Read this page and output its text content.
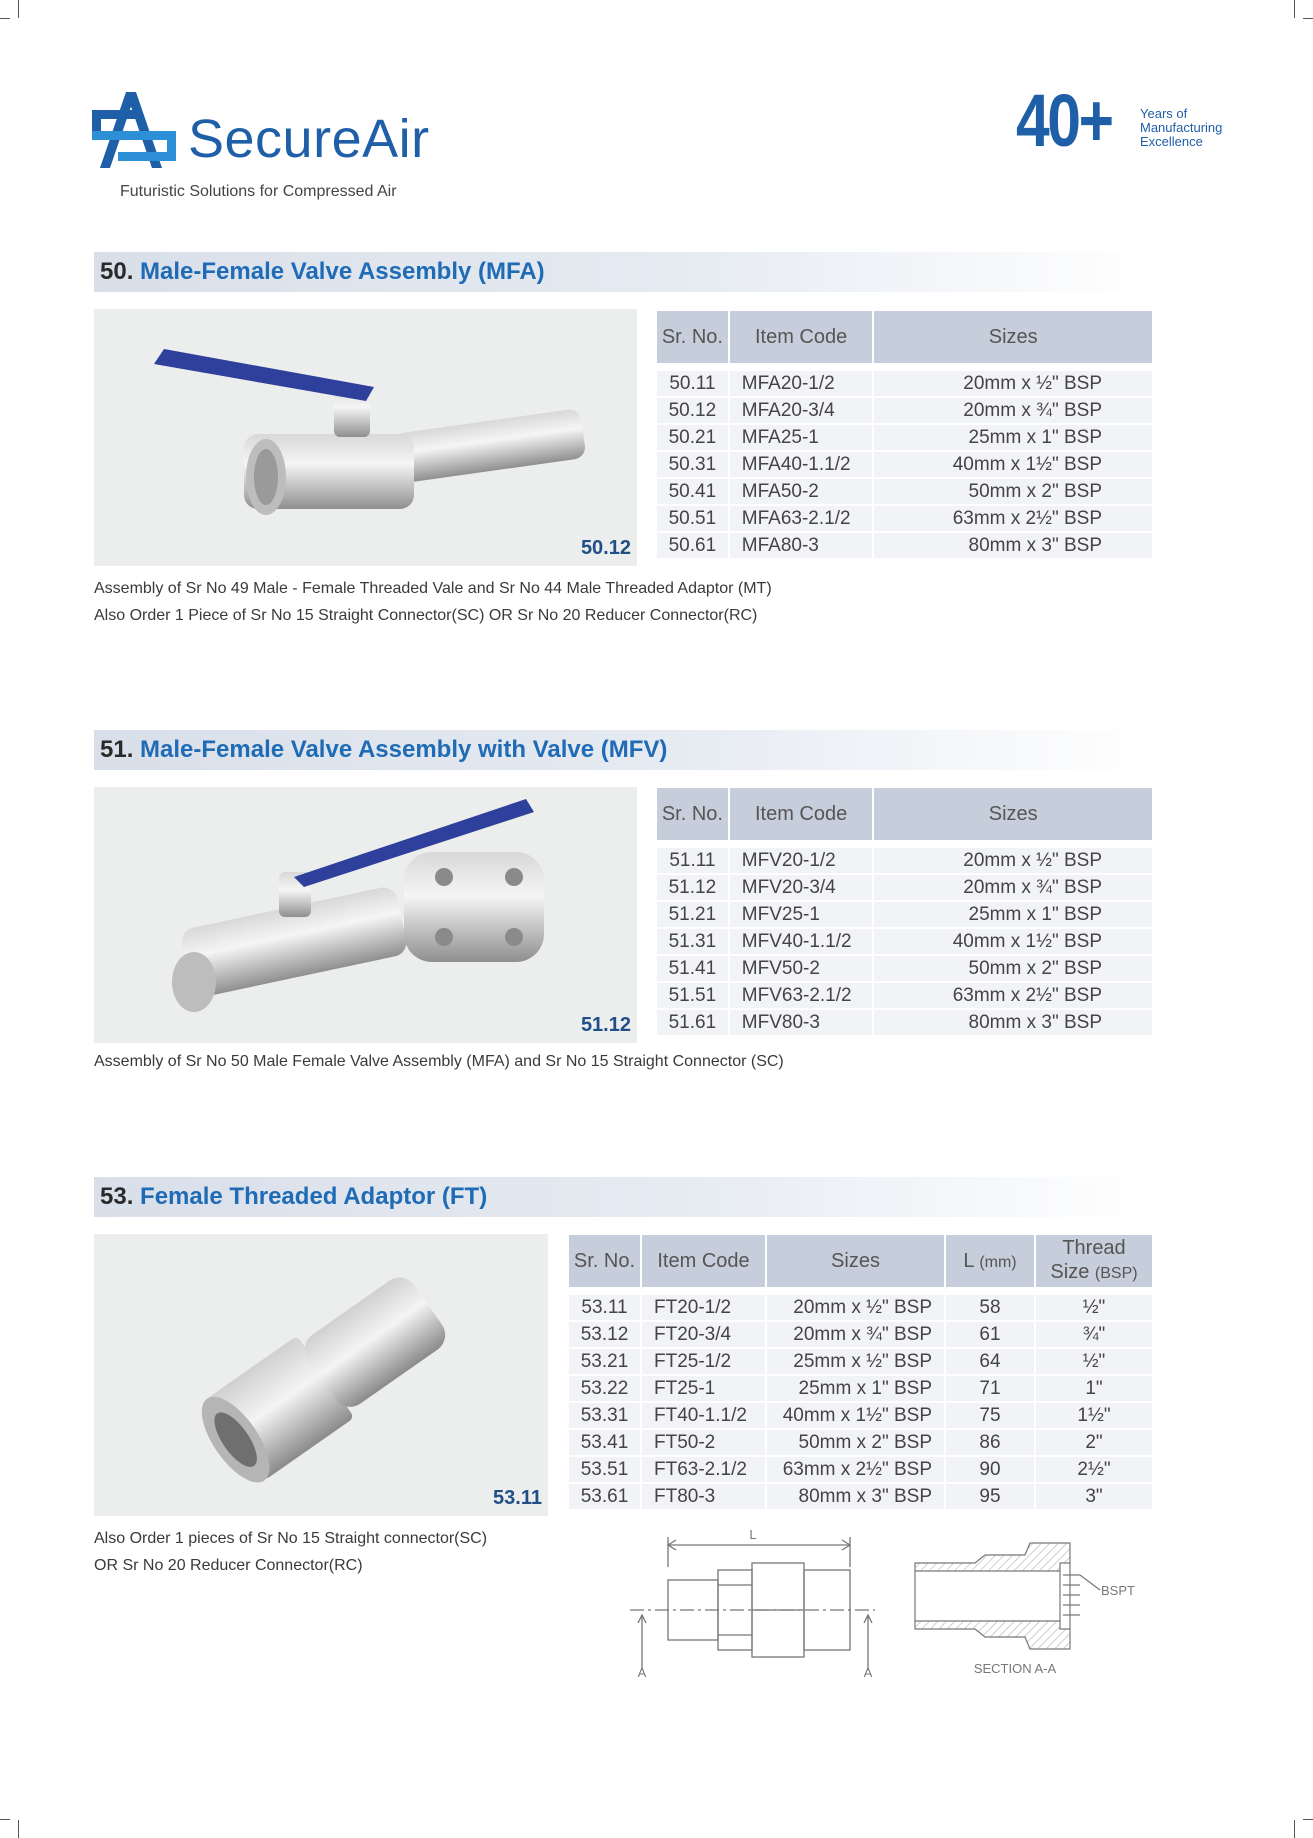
SecureAir
Futuristic Solutions for Compressed Air
40+ Years of
Manufacturing
Excellence
50. Male-Female Valve Assembly (MFA)
50.12
Sr. No.	Item Code	Sizes

50.11	MFA20-1/2	20mm x ½" BSP
50.12	MFA20-3/4	20mm x ¾" BSP
50.21	MFA25-1	25mm x 1" BSP
50.31	MFA40-1.1/2	40mm x 1½" BSP
50.41	MFA50-2	50mm x 2" BSP
50.51	MFA63-2.1/2	63mm x 2½" BSP
50.61	MFA80-3	80mm x 3" BSP
Assembly of Sr No 49 Male - Female Threaded Vale and Sr No 44 Male Threaded Adaptor (MT)
Also Order 1 Piece of Sr No 15 Straight Connector(SC) OR Sr No 20 Reducer Connector(RC)
51. Male-Female Valve Assembly with Valve (MFV)
51.12
Sr. No.	Item Code	Sizes

51.11	MFV20-1/2	20mm x ½" BSP
51.12	MFV20-3/4	20mm x ¾" BSP
51.21	MFV25-1	25mm x 1" BSP
51.31	MFV40-1.1/2	40mm x 1½" BSP
51.41	MFV50-2	50mm x 2" BSP
51.51	MFV63-2.1/2	63mm x 2½" BSP
51.61	MFV80-3	80mm x 3" BSP
Assembly of Sr No 50 Male Female Valve Assembly (MFA) and Sr No 15 Straight Connector (SC)
53. Female Threaded Adaptor (FT)
53.11
Sr. No.	Item Code	Sizes	L (mm)	Thread
Size (BSP)

53.11	FT20-1/2	20mm x ½" BSP	58	½"
53.12	FT20-3/4	20mm x ¾" BSP	61	¾"
53.21	FT25-1/2	25mm x ½" BSP	64	½"
53.22	FT25-1	25mm x 1" BSP	71	1"
53.31	FT40-1.1/2	40mm x 1½" BSP	75	1½"
53.41	FT50-2	50mm x 2" BSP	86	2"
53.51	FT63-2.1/2	63mm x 2½" BSP	90	2½"
53.61	FT80-3	80mm x 3" BSP	95	3"
Also Order 1 pieces of Sr No 15 Straight connector(SC)
OR Sr No 20 Reducer Connector(RC)
L
A	A
BSPT
SECTION A-A
